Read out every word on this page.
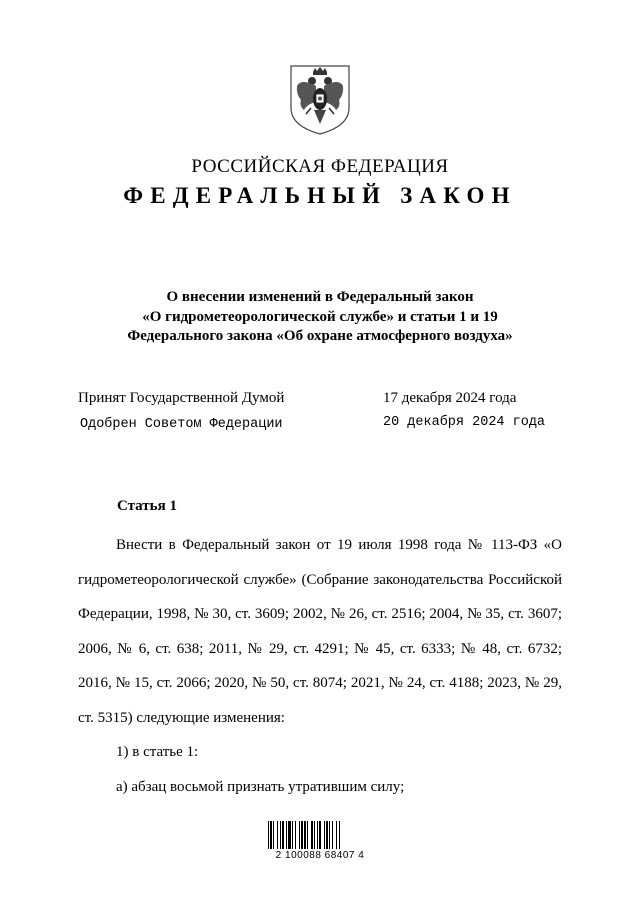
РОССИЙСКАЯ ФЕДЕРАЦИЯ
ФЕДЕРАЛЬНЫЙ ЗАКОН
О внесении изменений в Федеральный закон
«О гидрометеорологической службе» и статьи 1 и 19
Федерального закона «Об охране атмосферного воздуха»
Принят Государственной Думой	17 декабря 2024 года
Одобрен Советом Федерации	20 декабря 2024 года
Статья 1

Внести в Федеральный закон от 19 июля 1998 года № 113-ФЗ «О гидрометеорологической службе» (Собрание законодательства Российской Федерации, 1998, № 30, ст. 3609; 2002, № 26, ст. 2516; 2004, № 35, ст. 3607; 2006, № 6, ст. 638; 2011, № 29, ст. 4291; № 45, ст. 6333; № 48, ст. 6732; 2016, № 15, ст. 2066; 2020, № 50, ст. 8074; 2021, № 24, ст. 4188; 2023, № 29, ст. 5315) следующие изменения:

1) в статье 1:

а) абзац восьмой признать утратившим силу;

2 100088 68407 4
